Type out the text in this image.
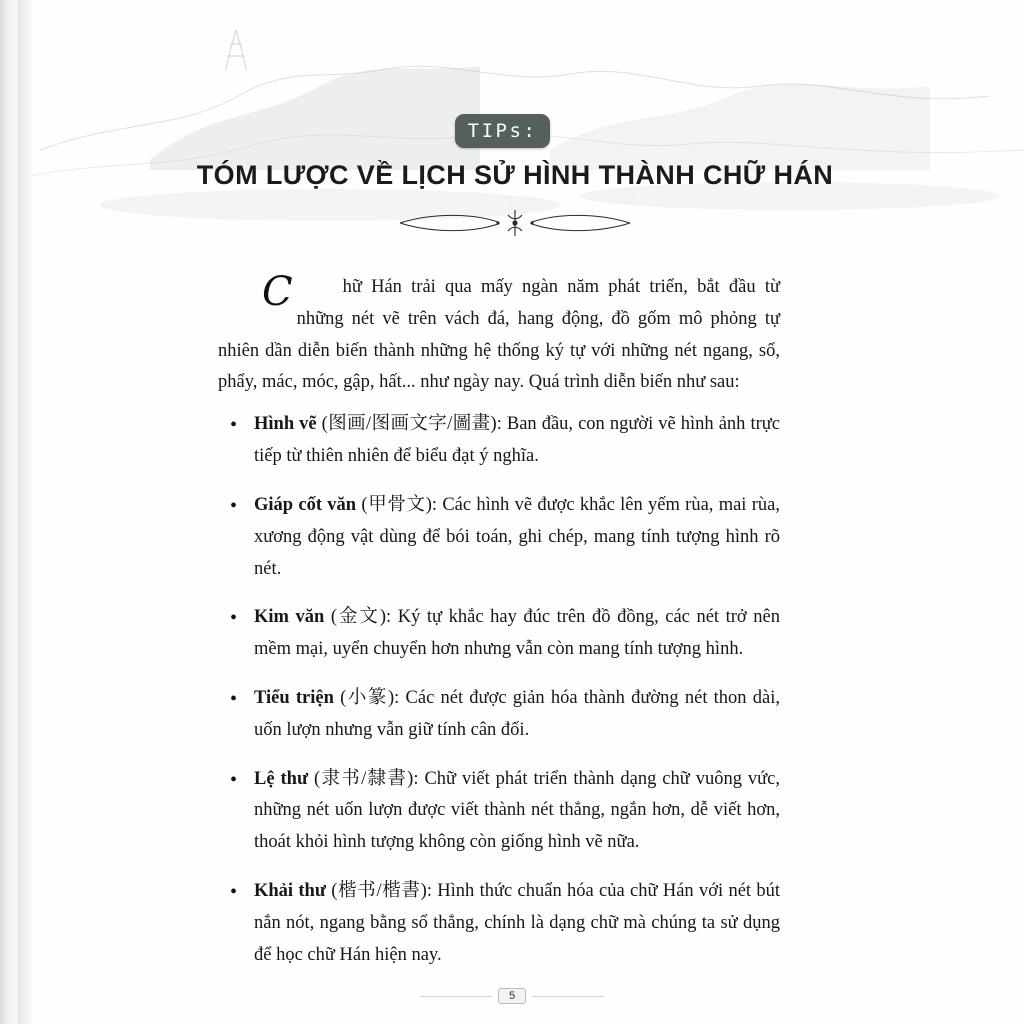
TIPs:
TÓM LƯỢC VỀ LỊCH SỬ HÌNH THÀNH CHỮ HÁN

C	hữ Hán trải qua mấy ngàn năm phát triển, bắt đầu từ những nét vẽ trên vách đá, hang động, đồ gốm mô phỏng tự nhiên dần diễn biến thành những hệ thống ký tự với những nét ngang, sổ, phẩy, mác, móc, gập, hất... như ngày nay. Quá trình diễn biến như sau:

• Hình vẽ (图画/图画文字/圖畫): Ban đầu, con người vẽ hình ảnh trực tiếp từ thiên nhiên để biểu đạt ý nghĩa.
• Giáp cốt văn (甲骨文): Các hình vẽ được khắc lên yếm rùa, mai rùa, xương động vật dùng để bói toán, ghi chép, mang tính tượng hình rõ nét.
• Kim văn (金文): Ký tự khắc hay đúc trên đồ đồng, các nét trở nên mềm mại, uyển chuyển hơn nhưng vẫn còn mang tính tượng hình.
• Tiểu triện (小篆): Các nét được giản hóa thành đường nét thon dài, uốn lượn nhưng vẫn giữ tính cân đối.
• Lệ thư (隶书/隸書): Chữ viết phát triển thành dạng chữ vuông vức, những nét uốn lượn được viết thành nét thẳng, ngắn hơn, dễ viết hơn, thoát khỏi hình tượng không còn giống hình vẽ nữa.
• Khải thư (楷书/楷書): Hình thức chuẩn hóa của chữ Hán với nét bút nắn nót, ngang bằng sổ thẳng, chính là dạng chữ mà chúng ta sử dụng để học chữ Hán hiện nay.
5
